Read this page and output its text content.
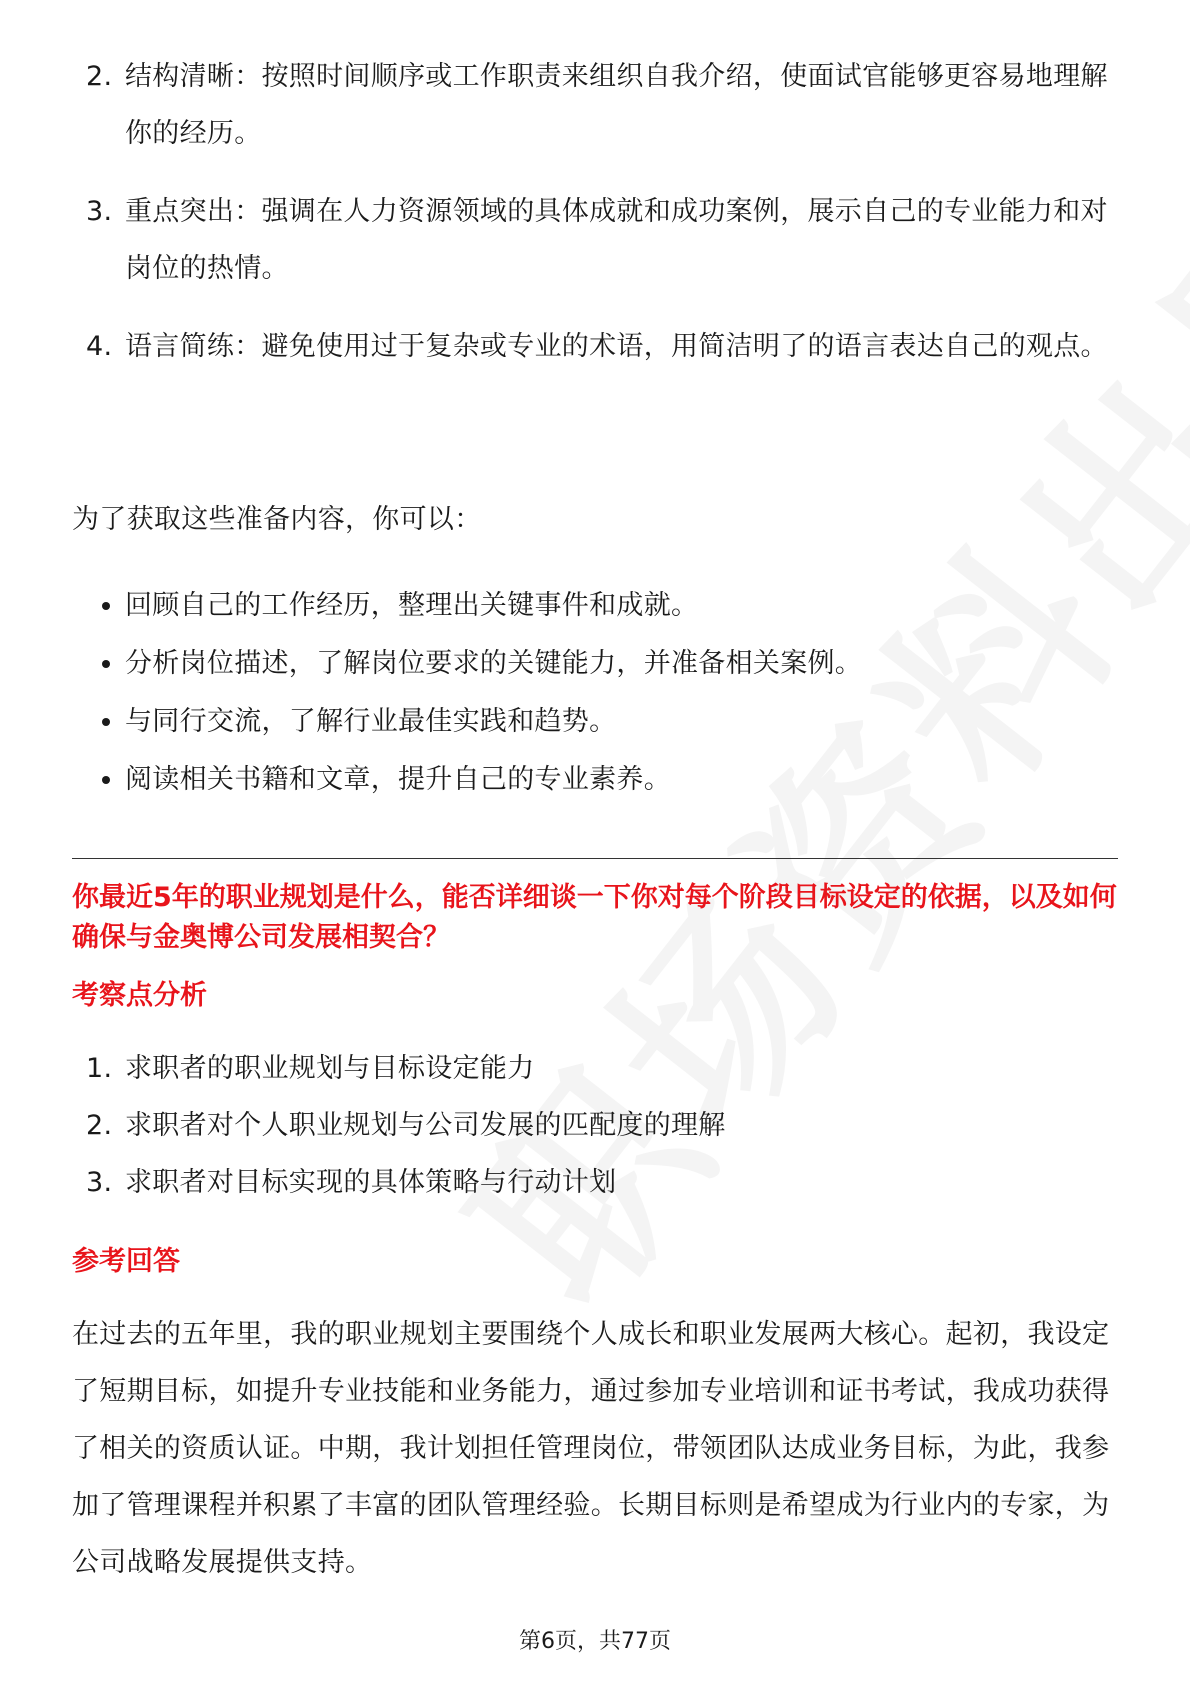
2. 结构清晰：按照时间顺序或工作职责来组织自我介绍，使面试官能够更容易地理解你的经历。
3. 重点突出：强调在人力资源领域的具体成就和成功案例，展示自己的专业能力和对岗位的热情。
4. 语言简练：避免使用过于复杂或专业的术语，用简洁明了的语言表达自己的观点。
为了获取这些准备内容，你可以：
回顾自己的工作经历，整理出关键事件和成就。
分析岗位描述，了解岗位要求的关键能力，并准备相关案例。
与同行交流，了解行业最佳实践和趋势。
阅读相关书籍和文章，提升自己的专业素养。
你最近5年的职业规划是什么，能否详细谈一下你对每个阶段目标设定的依据，以及如何确保与金奥博公司发展相契合？
考察点分析
1. 求职者的职业规划与目标设定能力
2. 求职者对个人职业规划与公司发展的匹配度的理解
3. 求职者对目标实现的具体策略与行动计划
参考回答
在过去的五年里，我的职业规划主要围绕个人成长和职业发展两大核心。起初，我设定了短期目标，如提升专业技能和业务能力，通过参加专业培训和证书考试，我成功获得了相关的资质认证。中期，我计划担任管理岗位，带领团队达成业务目标，为此，我参加了管理课程并积累了丰富的团队管理经验。长期目标则是希望成为行业内的专家，为公司战略发展提供支持。
第6页，共77页
